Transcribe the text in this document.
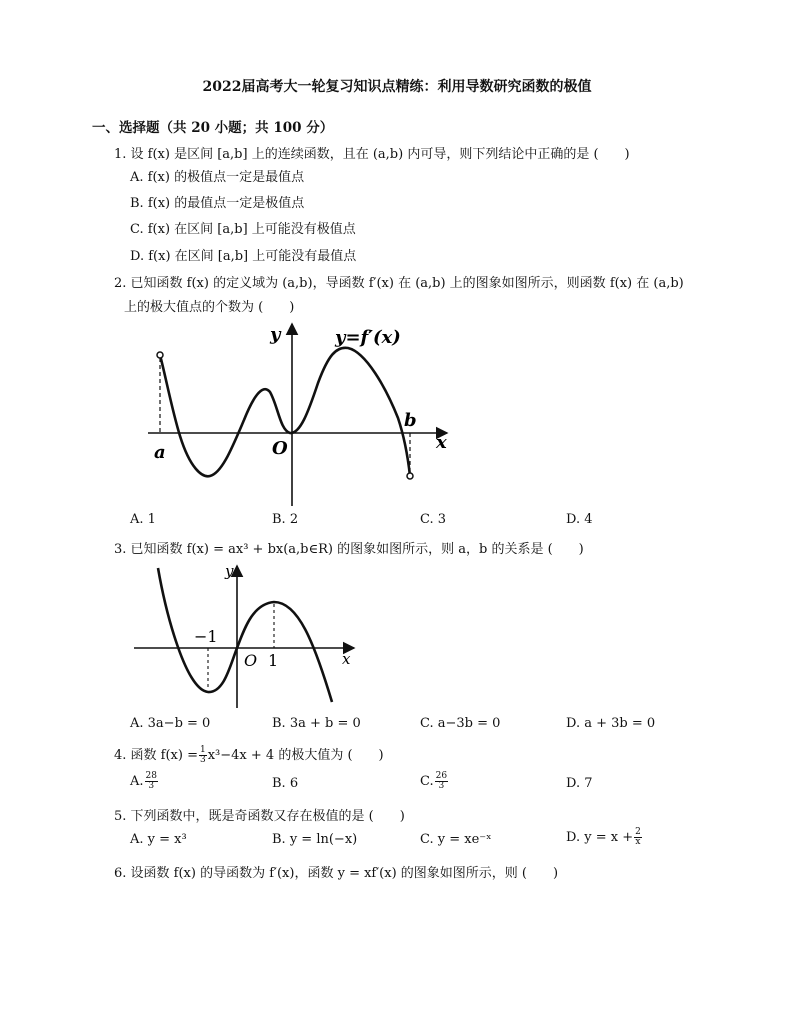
2022届高考大一轮复习知识点精练：利用导数研究函数的极值
一、选择题（共 20 小题；共 100 分）
1. 设 f(x) 是区间 [a,b] 上的连续函数，且在 (a,b) 内可导，则下列结论中正确的是 (　　)
A. f(x) 的极值点一定是最值点
B. f(x) 的最值点一定是极值点
C. f(x) 在区间 [a,b] 上可能没有极值点
D. f(x) 在区间 [a,b] 上可能没有最值点
2. 已知函数 f(x) 的定义域为 (a,b)，导函数 f′(x) 在 (a,b) 上的图象如图所示，则函数 f(x) 在 (a,b)
上的极大值点的个数为 (　　)
y=f′(x)
y
x
O
a
b
A. 1	B. 2	C. 3	D. 4
3. 已知函数 f(x) = ax³ + bx(a,b∈R) 的图象如图所示，则 a，b 的关系是 (　　)
y
x
O
−1
1
A. 3a−b = 0	B. 3a + b = 0	C. a−3b = 0	D. a + 3b = 0
4. 函数 $f(x) = \frac{1}{3} x^3-4x + 4$ 的极大值为 (　　)
A. $\frac{28}{3}$	B. 6	C. $\frac{26}{3}$	D. 7
5. 下列函数中，既是奇函数又存在极值的是 (　　)
A. y = x³	B. y = ln(−x)	C. y = xe⁻ˣ	D. $y = x + \frac{2}{x}$
6. 设函数 f(x) 的导函数为 f′(x)，函数 y = xf′(x) 的图象如图所示，则 (　　)
